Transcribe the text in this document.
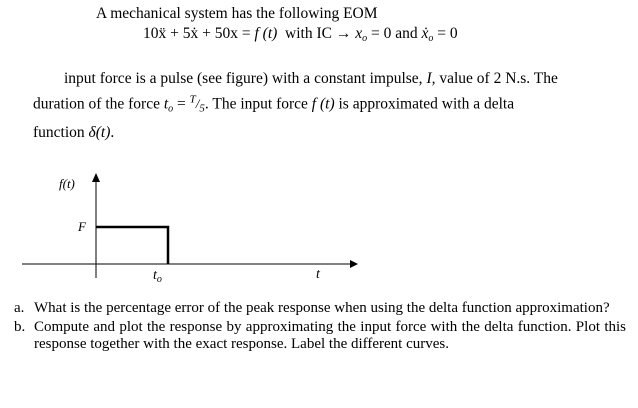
A mechanical system has the following EOM
10ẍ + 5ẋ + 50x = f (t) with IC → $x_o = 0$ and ẋ$_o$ = 0
input force is a pulse (see figure) with a constant impulse, I, value of 2 N.s. The
duration of the force $t_o = ^T/_5$. The input force f (t) is approximated with a delta
function δ(t).
f(t)
F
$t_o$	t
a. What is the percentage error of the peak response when using the delta function approximation?
b. Compute and plot the response by approximating the input force with the delta function. Plot this response together with the exact response. Label the different curves.
